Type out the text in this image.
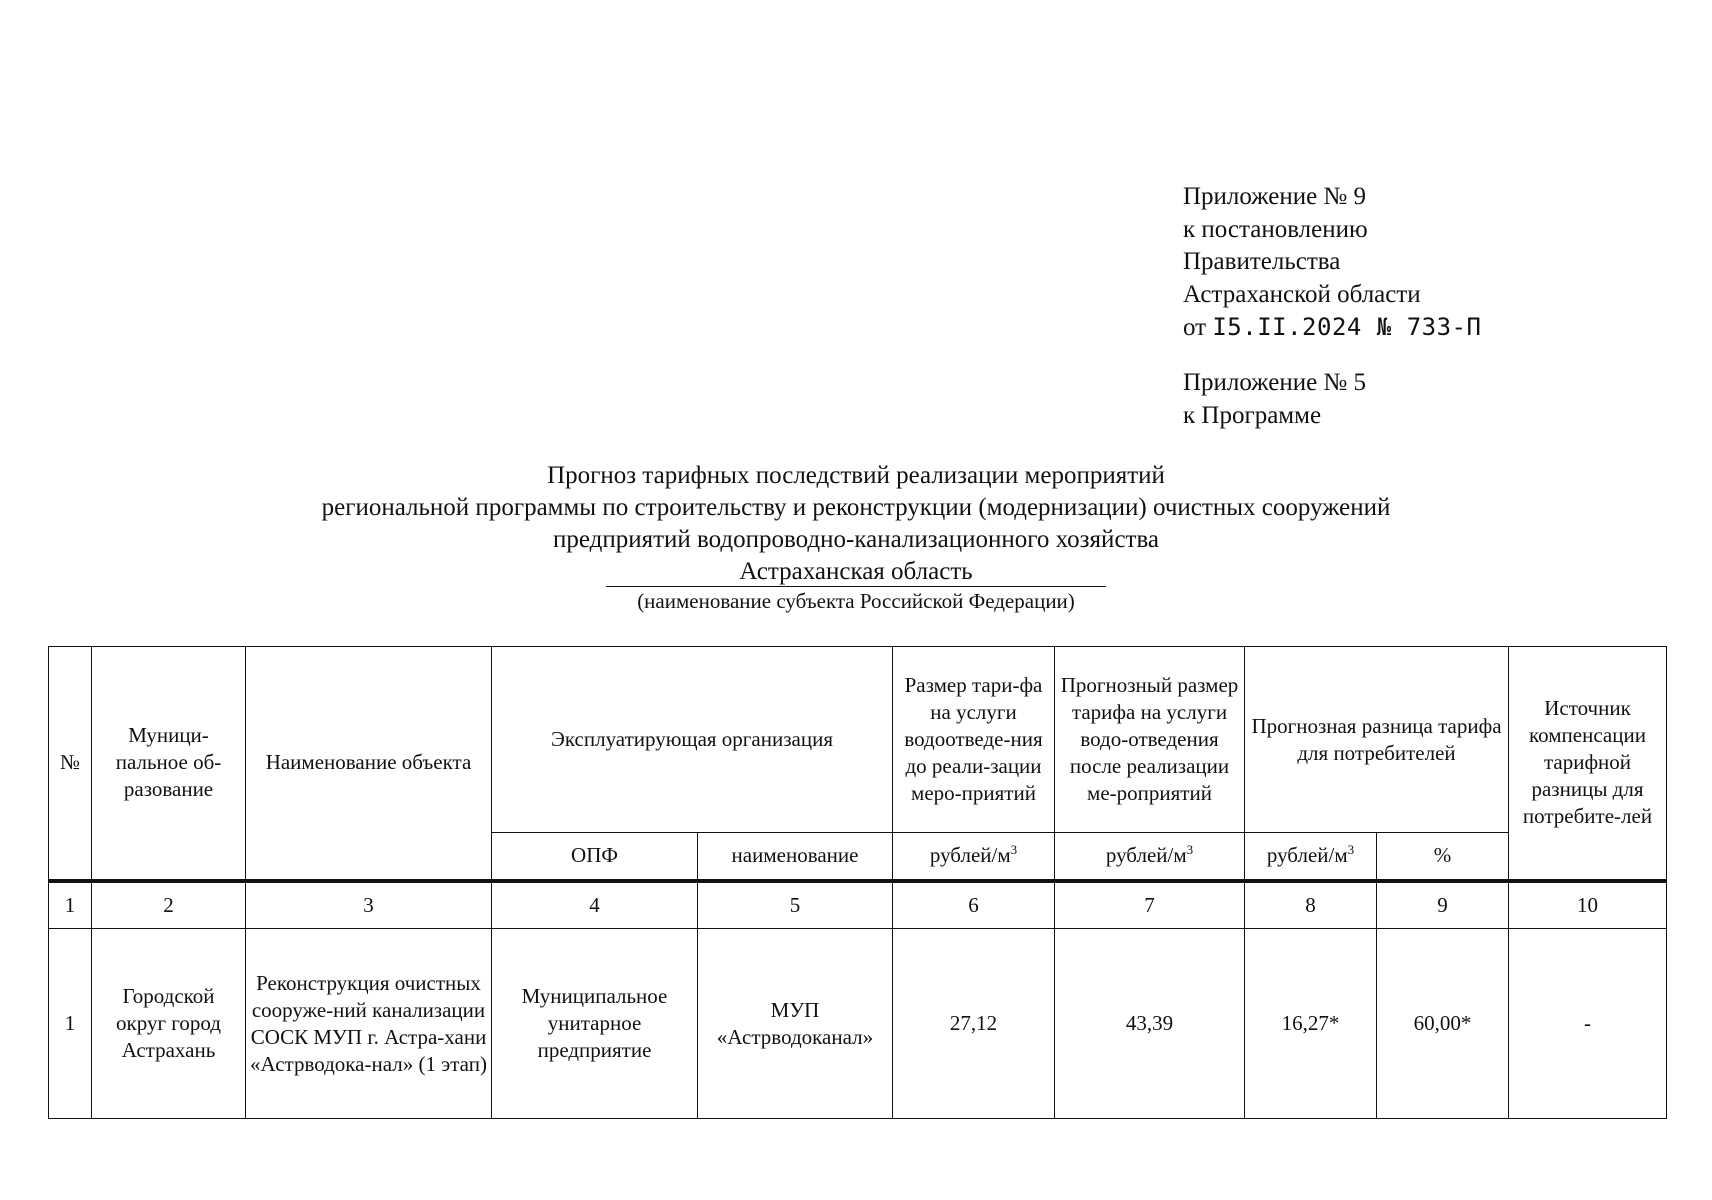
Приложение № 9
к постановлению
Правительства
Астраханской области
от I5.II.2024 № 733-П
Приложение № 5
к Программе
Прогноз тарифных последствий реализации мероприятий
региональной программы по строительству и реконструкции (модернизации) очистных сооружений
предприятий водопроводно-канализационного хозяйства
Астраханская область
(наименование субъекта Российской Федерации)
№	Муници-пальное об-разование	Наименование объекта	Эксплуатирующая организация		Размер тари-фа на услуги водоотведе-ния до реали-зации меро-приятий	Прогнозный размер тарифа на услуги водо-отведения после реализации ме-роприятий	Прогнозная разница тарифа для потребителей		Источник компенсации тарифной разницы для потребите-лей
			ОПФ	наименование	рублей/$м^3$	рублей/$м^3$	рублей/$м^3$	%	
1	2	3	4	5	6	7	8	9	10
1	Городской округ город Астрахань	Реконструкция очистных сооруже-ний канализации СОСК МУП г. Астра-хани «Астрводока-нал» (1 этап)	Муниципальное унитарное предприятие	МУП «Астрводоканал»	27,12	43,39	16,27*	60,00*	-
